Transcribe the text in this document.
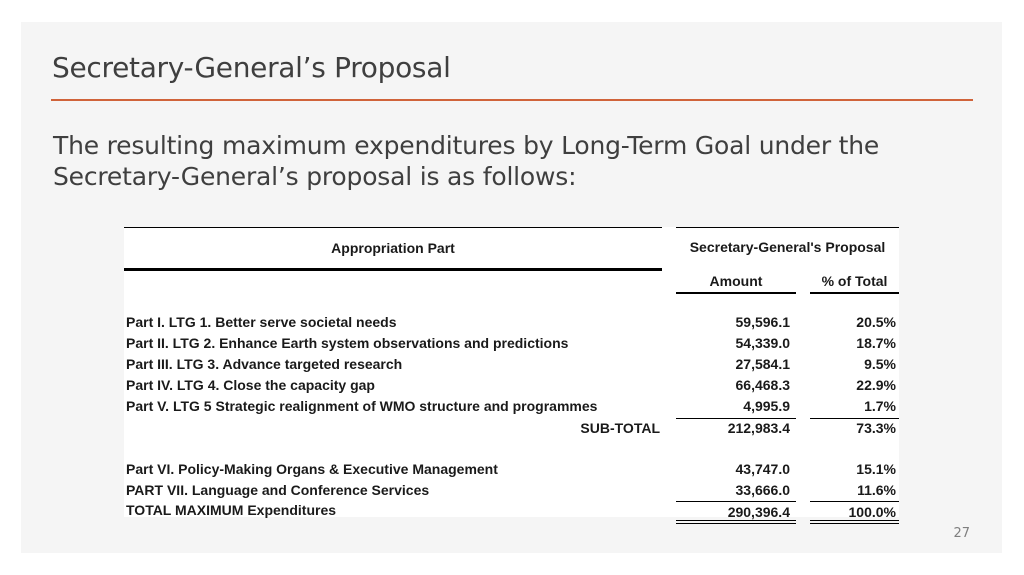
Secretary-General’s Proposal
The resulting maximum expenditures by Long-Term Goal under the Secretary-General’s proposal is as follows:
Appropriation Part	Secretary-General's Proposal
Amount	% of Total
Part I. LTG 1. Better serve societal needs	59,596.1	20.5%
Part II. LTG 2. Enhance Earth system observations and predictions	54,339.0	18.7%
Part III. LTG 3. Advance targeted research	27,584.1	9.5%
Part IV. LTG 4. Close the capacity gap	66,468.3	22.9%
Part V. LTG 5 Strategic realignment of WMO structure and programmes	4,995.9	1.7%
SUB-TOTAL	212,983.4	73.3%
Part VI. Policy-Making Organs & Executive Management	43,747.0	15.1%
PART VII. Language and Conference Services	33,666.0	11.6%
TOTAL MAXIMUM Expenditures	290,396.4	100.0%
27
